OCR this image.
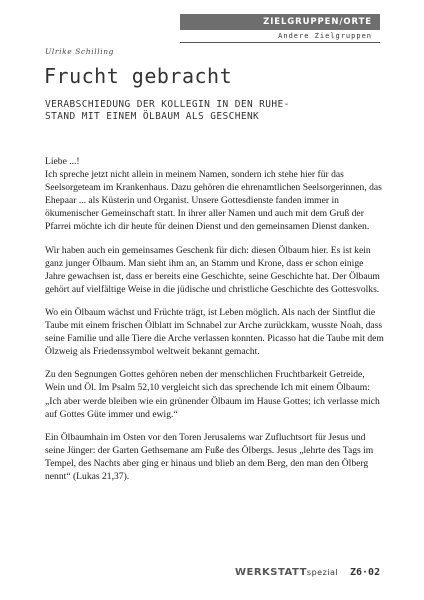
ZIELGRUPPEN/ORTE
Andere Zielgruppen
Ulrike Schilling
Frucht gebracht
VERABSCHIEDUNG DER KOLLEGIN IN DEN RUHE-
STAND MIT EINEM ÖLBAUM ALS GESCHENK

Liebe ...!
Ich spreche jetzt nicht allein in meinem Namen, sondern ich stehe hier für das Seelsorgeteam im Krankenhaus. Dazu gehören die ehrenamtlichen Seelsorgerinnen, das Ehepaar ... als Küsterin und Organist. Unsere Gottesdienste fanden immer in ökumenischer Gemeinschaft statt. In ihrer aller Namen und auch mit dem Gruß der Pfarrei möchte ich dir heute für deinen Dienst und den gemeinsamen Dienst danken.

Wir haben auch ein gemeinsames Geschenk für dich: diesen Ölbaum hier. Es ist kein ganz junger Ölbaum. Man sieht ihm an, an Stamm und Krone, dass er schon einige Jahre gewachsen ist, dass er bereits eine Geschichte, seine Geschichte hat. Der Ölbaum gehört auf vielfältige Weise in die jüdische und christliche Geschichte des Gottesvolks.

Wo ein Ölbaum wächst und Früchte trägt, ist Leben möglich. Als nach der Sintflut die Taube mit einem frischen Ölblatt im Schnabel zur Arche zurückkam, wusste Noah, dass seine Familie und alle Tiere die Arche verlassen konnten. Picasso hat die Taube mit dem Ölzweig als Friedenssymbol weltweit bekannt gemacht.

Zu den Segnungen Gottes gehören neben der menschlichen Fruchtbarkeit Getreide, Wein und Öl. Im Psalm 52,10 vergleicht sich das sprechende Ich mit einem Ölbaum: „Ich aber werde bleiben wie ein grünender Ölbaum im Hause Gottes; ich verlasse mich auf Gottes Güte immer und ewig.“

Ein Ölbaumhain im Osten vor den Toren Jerusalems war Zufluchtsort für Jesus und seine Jünger: der Garten Gethsemane am Fuße des Ölbergs. Jesus „lehrte des Tags im Tempel, des Nachts aber ging er hinaus und blieb an dem Berg, den man den Ölberg nennt“ (Lukas 21,37).

WERKSTATTspezial Z6·02
